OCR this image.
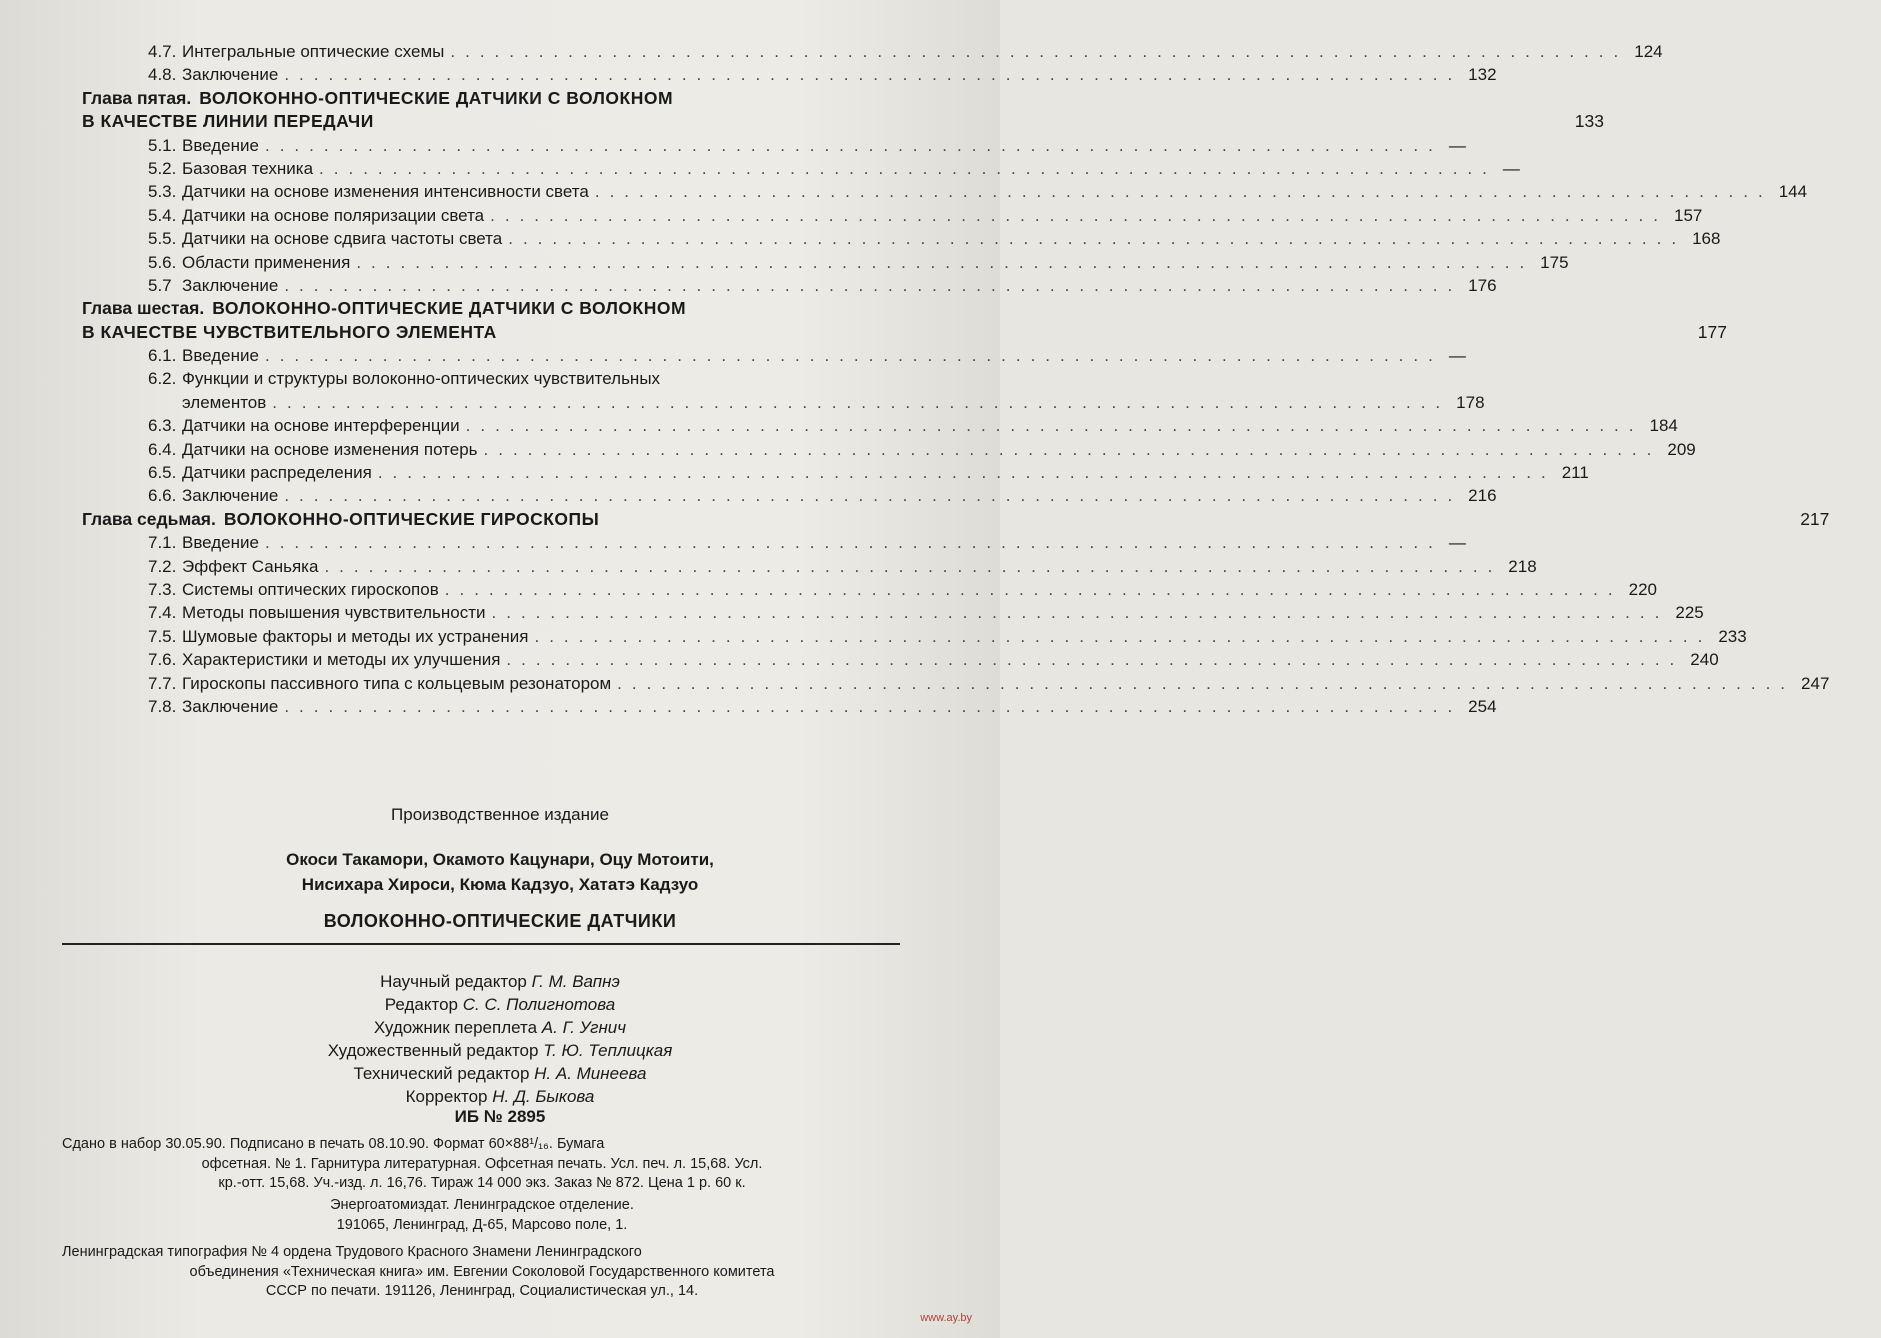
4.7. Интегральные оптические схемы ................................................................................ 124
4.8. Заключение ................................................................................ 132
Глава пятая. ВОЛОКОННО-ОПТИЧЕСКИЕ ДАТЧИКИ С ВОЛОКНОМ
В КАЧЕСТВЕ ЛИНИИ ПЕРЕДАЧИ	133
5.1. Введение ................................................................................ —
5.2. Базовая техника ................................................................................ —
5.3. Датчики на основе изменения интенсивности света ................................................................................ 144
5.4. Датчики на основе поляризации света ................................................................................ 157
5.5. Датчики на основе сдвига частоты света ................................................................................ 168
5.6. Области применения ................................................................................ 175
5.7 Заключение ................................................................................ 176
Глава шестая. ВОЛОКОННО-ОПТИЧЕСКИЕ ДАТЧИКИ С ВОЛОКНОМ
В КАЧЕСТВЕ ЧУВСТВИТЕЛЬНОГО ЭЛЕМЕНТА	177
6.1. Введение ................................................................................ —
6.2. Функции и структуры волоконно-оптических чувствительных
элементов ................................................................................ 178
6.3. Датчики на основе интерференции ................................................................................ 184
6.4. Датчики на основе изменения потерь ................................................................................ 209
6.5. Датчики распределения ................................................................................ 211
6.6. Заключение ................................................................................ 216
Глава седьмая. ВОЛОКОННО-ОПТИЧЕСКИЕ ГИРОСКОПЫ	217
7.1. Введение ................................................................................ —
7.2. Эффект Саньяка ................................................................................ 218
7.3. Системы оптических гироскопов ................................................................................ 220
7.4. Методы повышения чувствительности ................................................................................ 225
7.5. Шумовые факторы и методы их устранения ................................................................................ 233
7.6. Характеристики и методы их улучшения ................................................................................ 240
7.7. Гироскопы пассивного типа с кольцевым резонатором ................................................................................ 247
7.8. Заключение ................................................................................ 254
Производственное издание
Окоси Такамори, Окамото Кацунари, Оцу Мотоити,
Нисихара Хироси, Кюма Кадзуо, Хататэ Кадзуо
ВОЛОКОННО-ОПТИЧЕСКИЕ ДАТЧИКИ
Научный редактор Г. М. Вапнэ
Редактор С. С. Полигнотова
Художник переплета А. Г. Угнич
Художественный редактор Т. Ю. Теплицкая
Технический редактор Н. А. Минеева
Корректор Н. Д. Быкова
ИБ № 2895
Сдано в набор 30.05.90. Подписано в печать 08.10.90. Формат 60×88¹/₁₆. Бумага
офсетная. № 1. Гарнитура литературная. Офсетная печать. Усл. печ. л. 15,68. Усл.
кр.-отт. 15,68. Уч.-изд. л. 16,76. Тираж 14 000 экз. Заказ № 872. Цена 1 р. 60 к.
Энергоатомиздат. Ленинградское отделение.
191065, Ленинград, Д-65, Марсово поле, 1.
Ленинградская типография № 4 ордена Трудового Красного Знамени Ленинградского
объединения «Техническая книга» им. Евгении Соколовой Государственного комитета
СССР по печати. 191126, Ленинград, Социалистическая ул., 14.
www.ay.by
